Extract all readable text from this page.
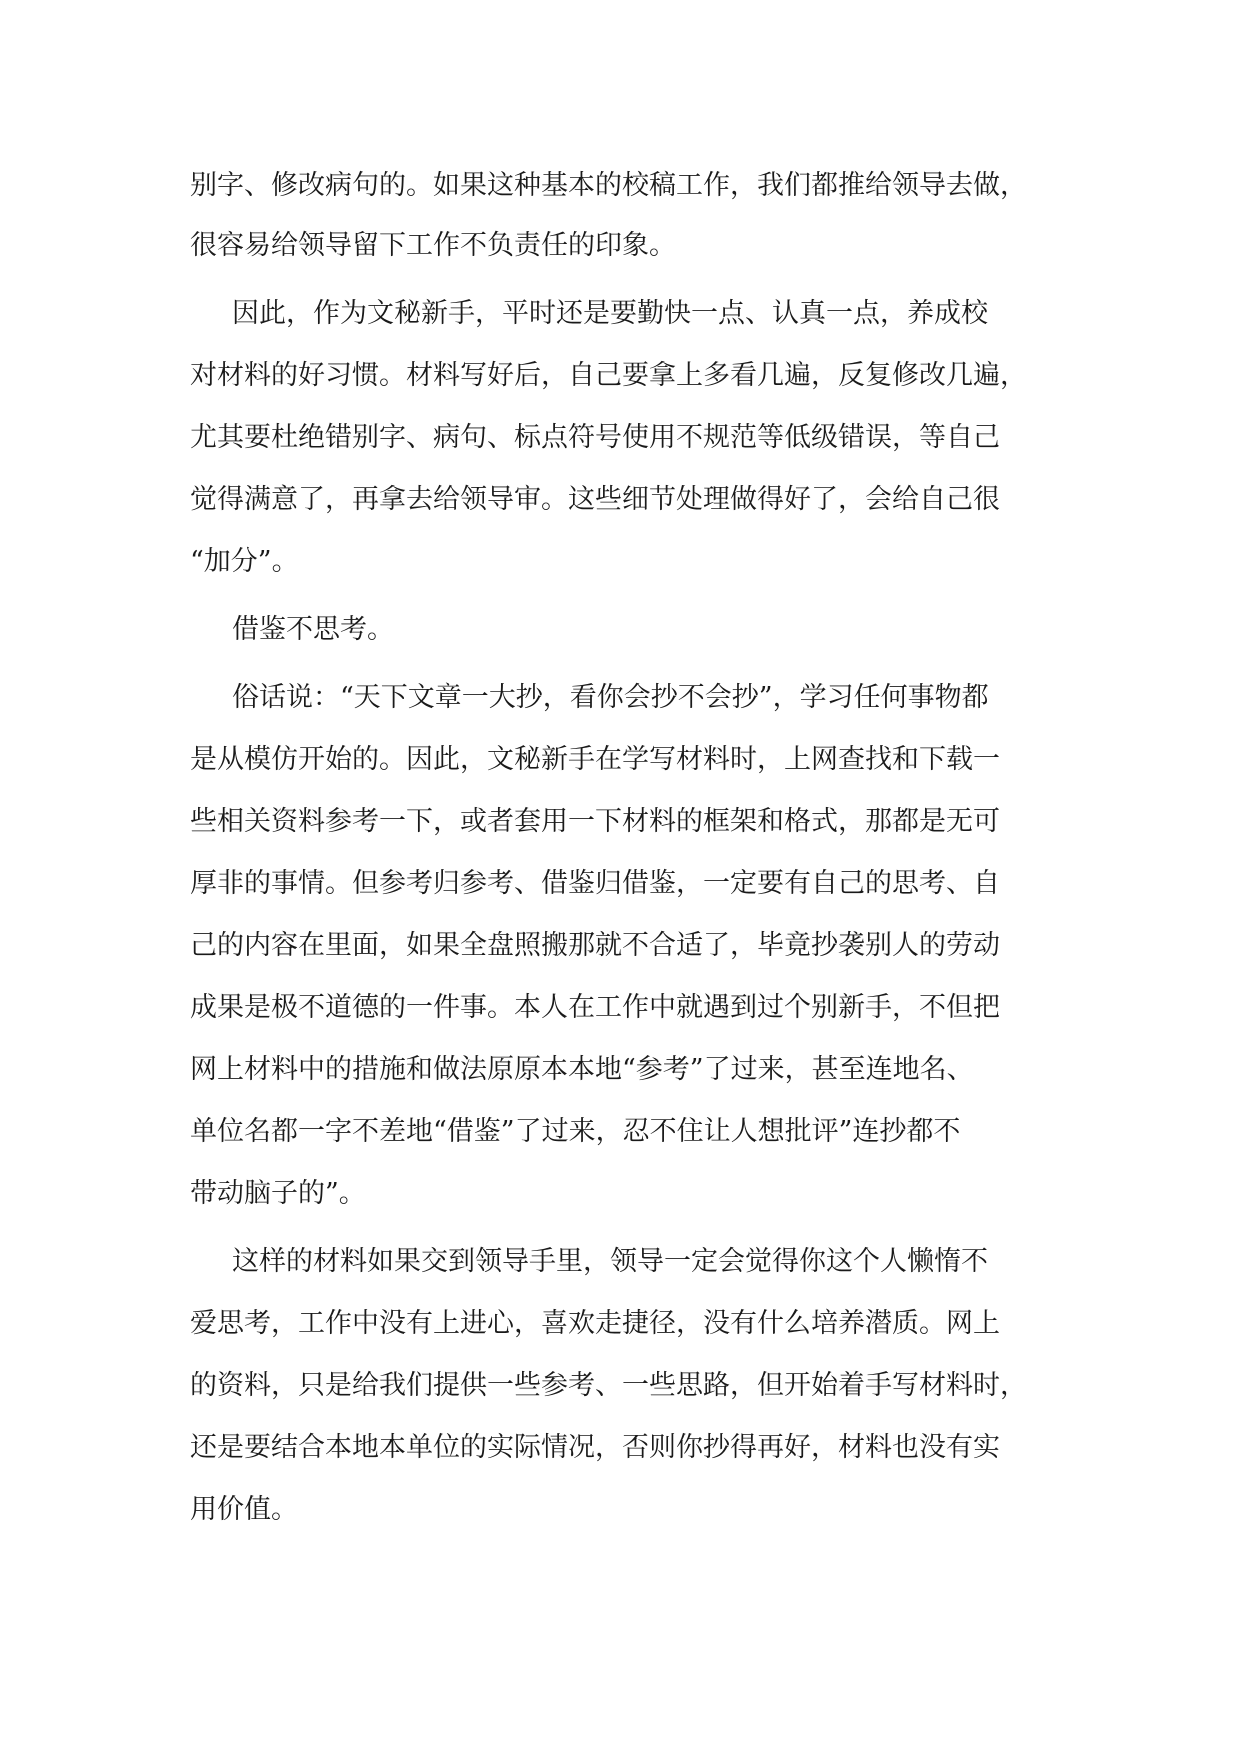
别字、修改病句的。如果这种基本的校稿工作，我们都推给领导去做，
很容易给领导留下工作不负责任的印象。
因此，作为文秘新手，平时还是要勤快一点、认真一点，养成校
对材料的好习惯。材料写好后，自己要拿上多看几遍，反复修改几遍，
尤其要杜绝错别字、病句、标点符号使用不规范等低级错误，等自己
觉得满意了，再拿去给领导审。这些细节处理做得好了，会给自己很
“加分”。
借鉴不思考。
俗话说：“天下文章一大抄，看你会抄不会抄”，学习任何事物都
是从模仿开始的。因此，文秘新手在学写材料时，上网查找和下载一
些相关资料参考一下，或者套用一下材料的框架和格式，那都是无可
厚非的事情。但参考归参考、借鉴归借鉴，一定要有自己的思考、自
己的内容在里面，如果全盘照搬那就不合适了，毕竟抄袭别人的劳动
成果是极不道德的一件事。本人在工作中就遇到过个别新手，不但把
网上材料中的措施和做法原原本本地“参考”了过来，甚至连地名、
单位名都一字不差地“借鉴”了过来，忍不住让人想批评”连抄都不
带动脑子的”。
这样的材料如果交到领导手里，领导一定会觉得你这个人懒惰不
爱思考，工作中没有上进心，喜欢走捷径，没有什么培养潜质。网上
的资料，只是给我们提供一些参考、一些思路，但开始着手写材料时，
还是要结合本地本单位的实际情况，否则你抄得再好，材料也没有实
用价值。
